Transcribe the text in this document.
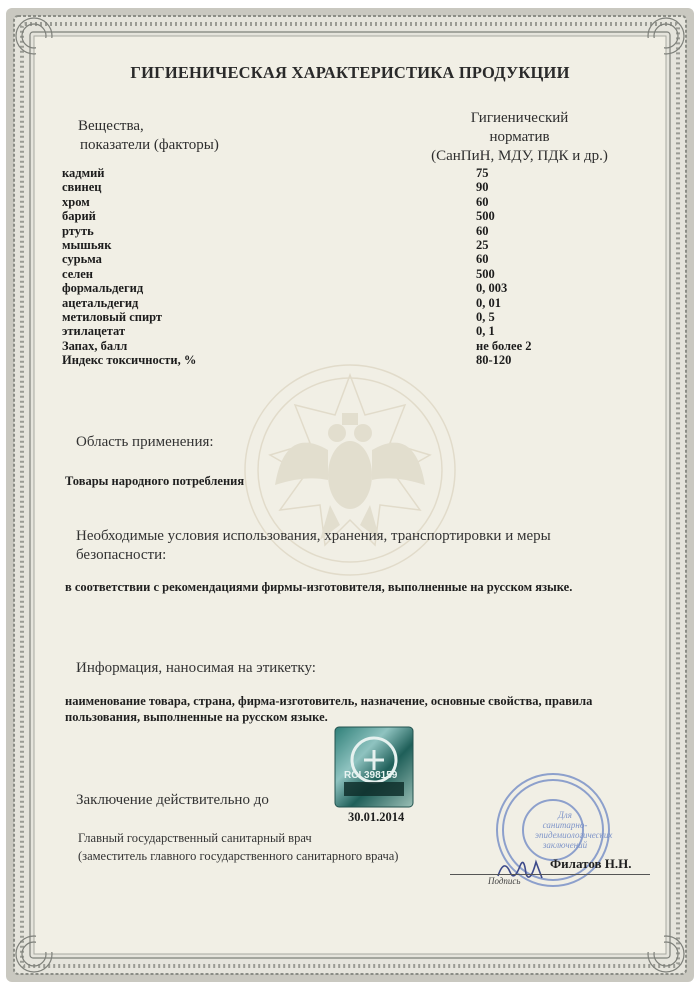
ГИГИЕНИЧЕСКАЯ ХАРАКТЕРИСТИКА ПРОДУКЦИИ
Вещества,
показатели (факторы)
Гигиенический
норматив
(СанПиН, МДУ, ПДК и др.)
кадмий	75
свинец	90
хром	60
барий	500
ртуть	60
мышьяк	25
сурьма	60
селен	500
формальдегид	0, 003
ацетальдегид	0, 01
метиловый спирт	0, 5
этилацетат	0, 1
Запах, балл	не более 2
Индекс токсичности, %	80-120
Область применения:
Товары народного потребления
Необходимые условия использования, хранения, транспортировки и меры безопасности:
в соответствии с рекомендациями фирмы-изготовителя, выполненные на русском языке.
Информация, наносимая на этикетку:
наименование товара, страна, фирма-изготовитель, назначение, основные свойства, правила пользования, выполненные на русском языке.
RCI 398159
Заключение действительно до
30.01.2014
Главный государственный санитарный врач
(заместитель главного государственного санитарного врача)
Для
санитарно-
эпидемиологических
заключений
Подпись
Филатов Н.Н.
